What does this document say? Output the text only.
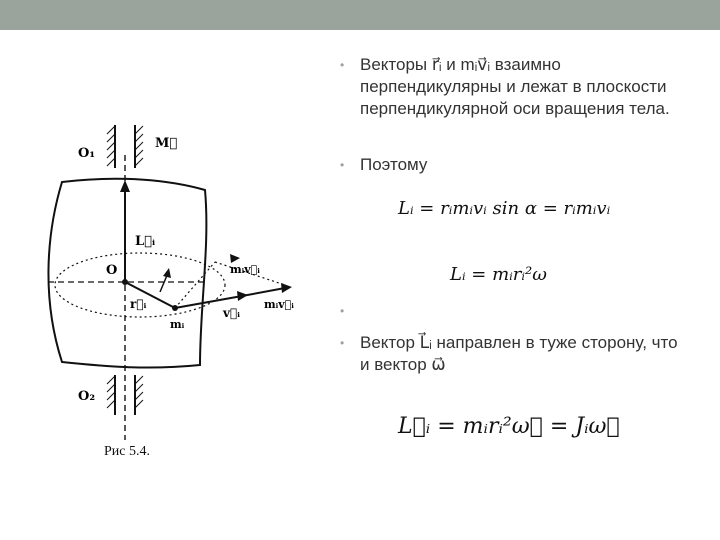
O₁
M⃗
L⃗ᵢ
mᵢv⃗ᵢ
O
r⃗ᵢ	mᵢv⃗ᵢ
v⃗ᵢ
mᵢ
O₂
Рис 5.4.
• Векторы r⃗ᵢ и mᵢv⃗ᵢ взаимно перпендикулярны и лежат в плоскости перпендикулярной оси вращения тела.
• Поэтому
•
• Вектор L⃗ᵢ направлен в туже сторону, что и вектор ω⃗
Lᵢ = rᵢmᵢvᵢ sin α = rᵢmᵢvᵢ
Lᵢ = mᵢrᵢ²ω
L⃗ᵢ = mᵢrᵢ²ω⃗ = Jᵢω⃗
